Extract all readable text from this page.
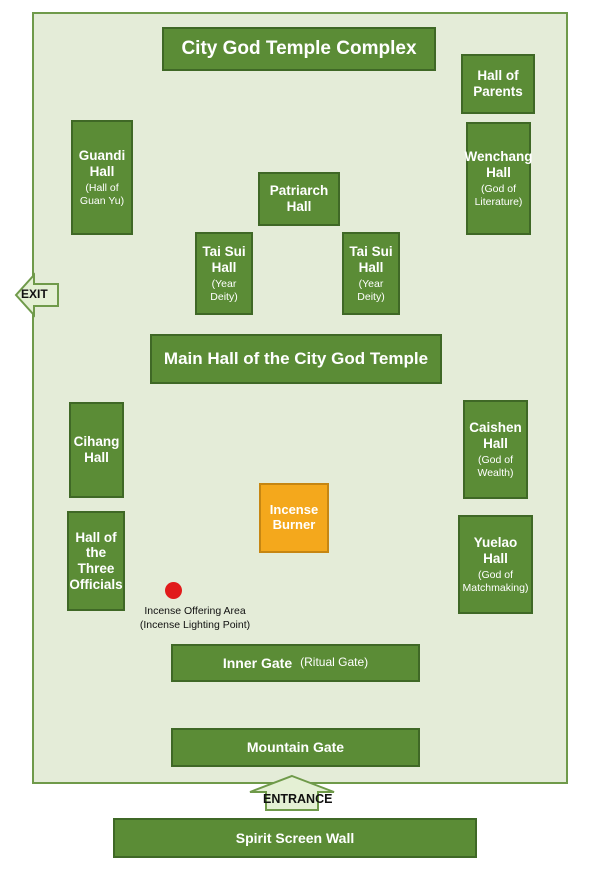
City God Temple Complex
Hall of
Parents
Guandi
Hall
(Hall of
Guan Yu)
Wenchang
Hall
(God of
Literature)
Patriarch
Hall
Tai Sui
Hall
(Year
Deity)
Tai Sui
Hall
(Year
Deity)
Main Hall of the City God Temple
Cihang
Hall
Caishen
Hall
(God of
Wealth)
Incense
Burner
Hall of
the Three
Officials
Yuelao
Hall
(God of
Matchmaking)
Incense Offering Area
(Incense Lighting Point)
Inner Gate (Ritual Gate)
Mountain Gate
ENTRANCE
Spirit Screen Wall
EXIT
